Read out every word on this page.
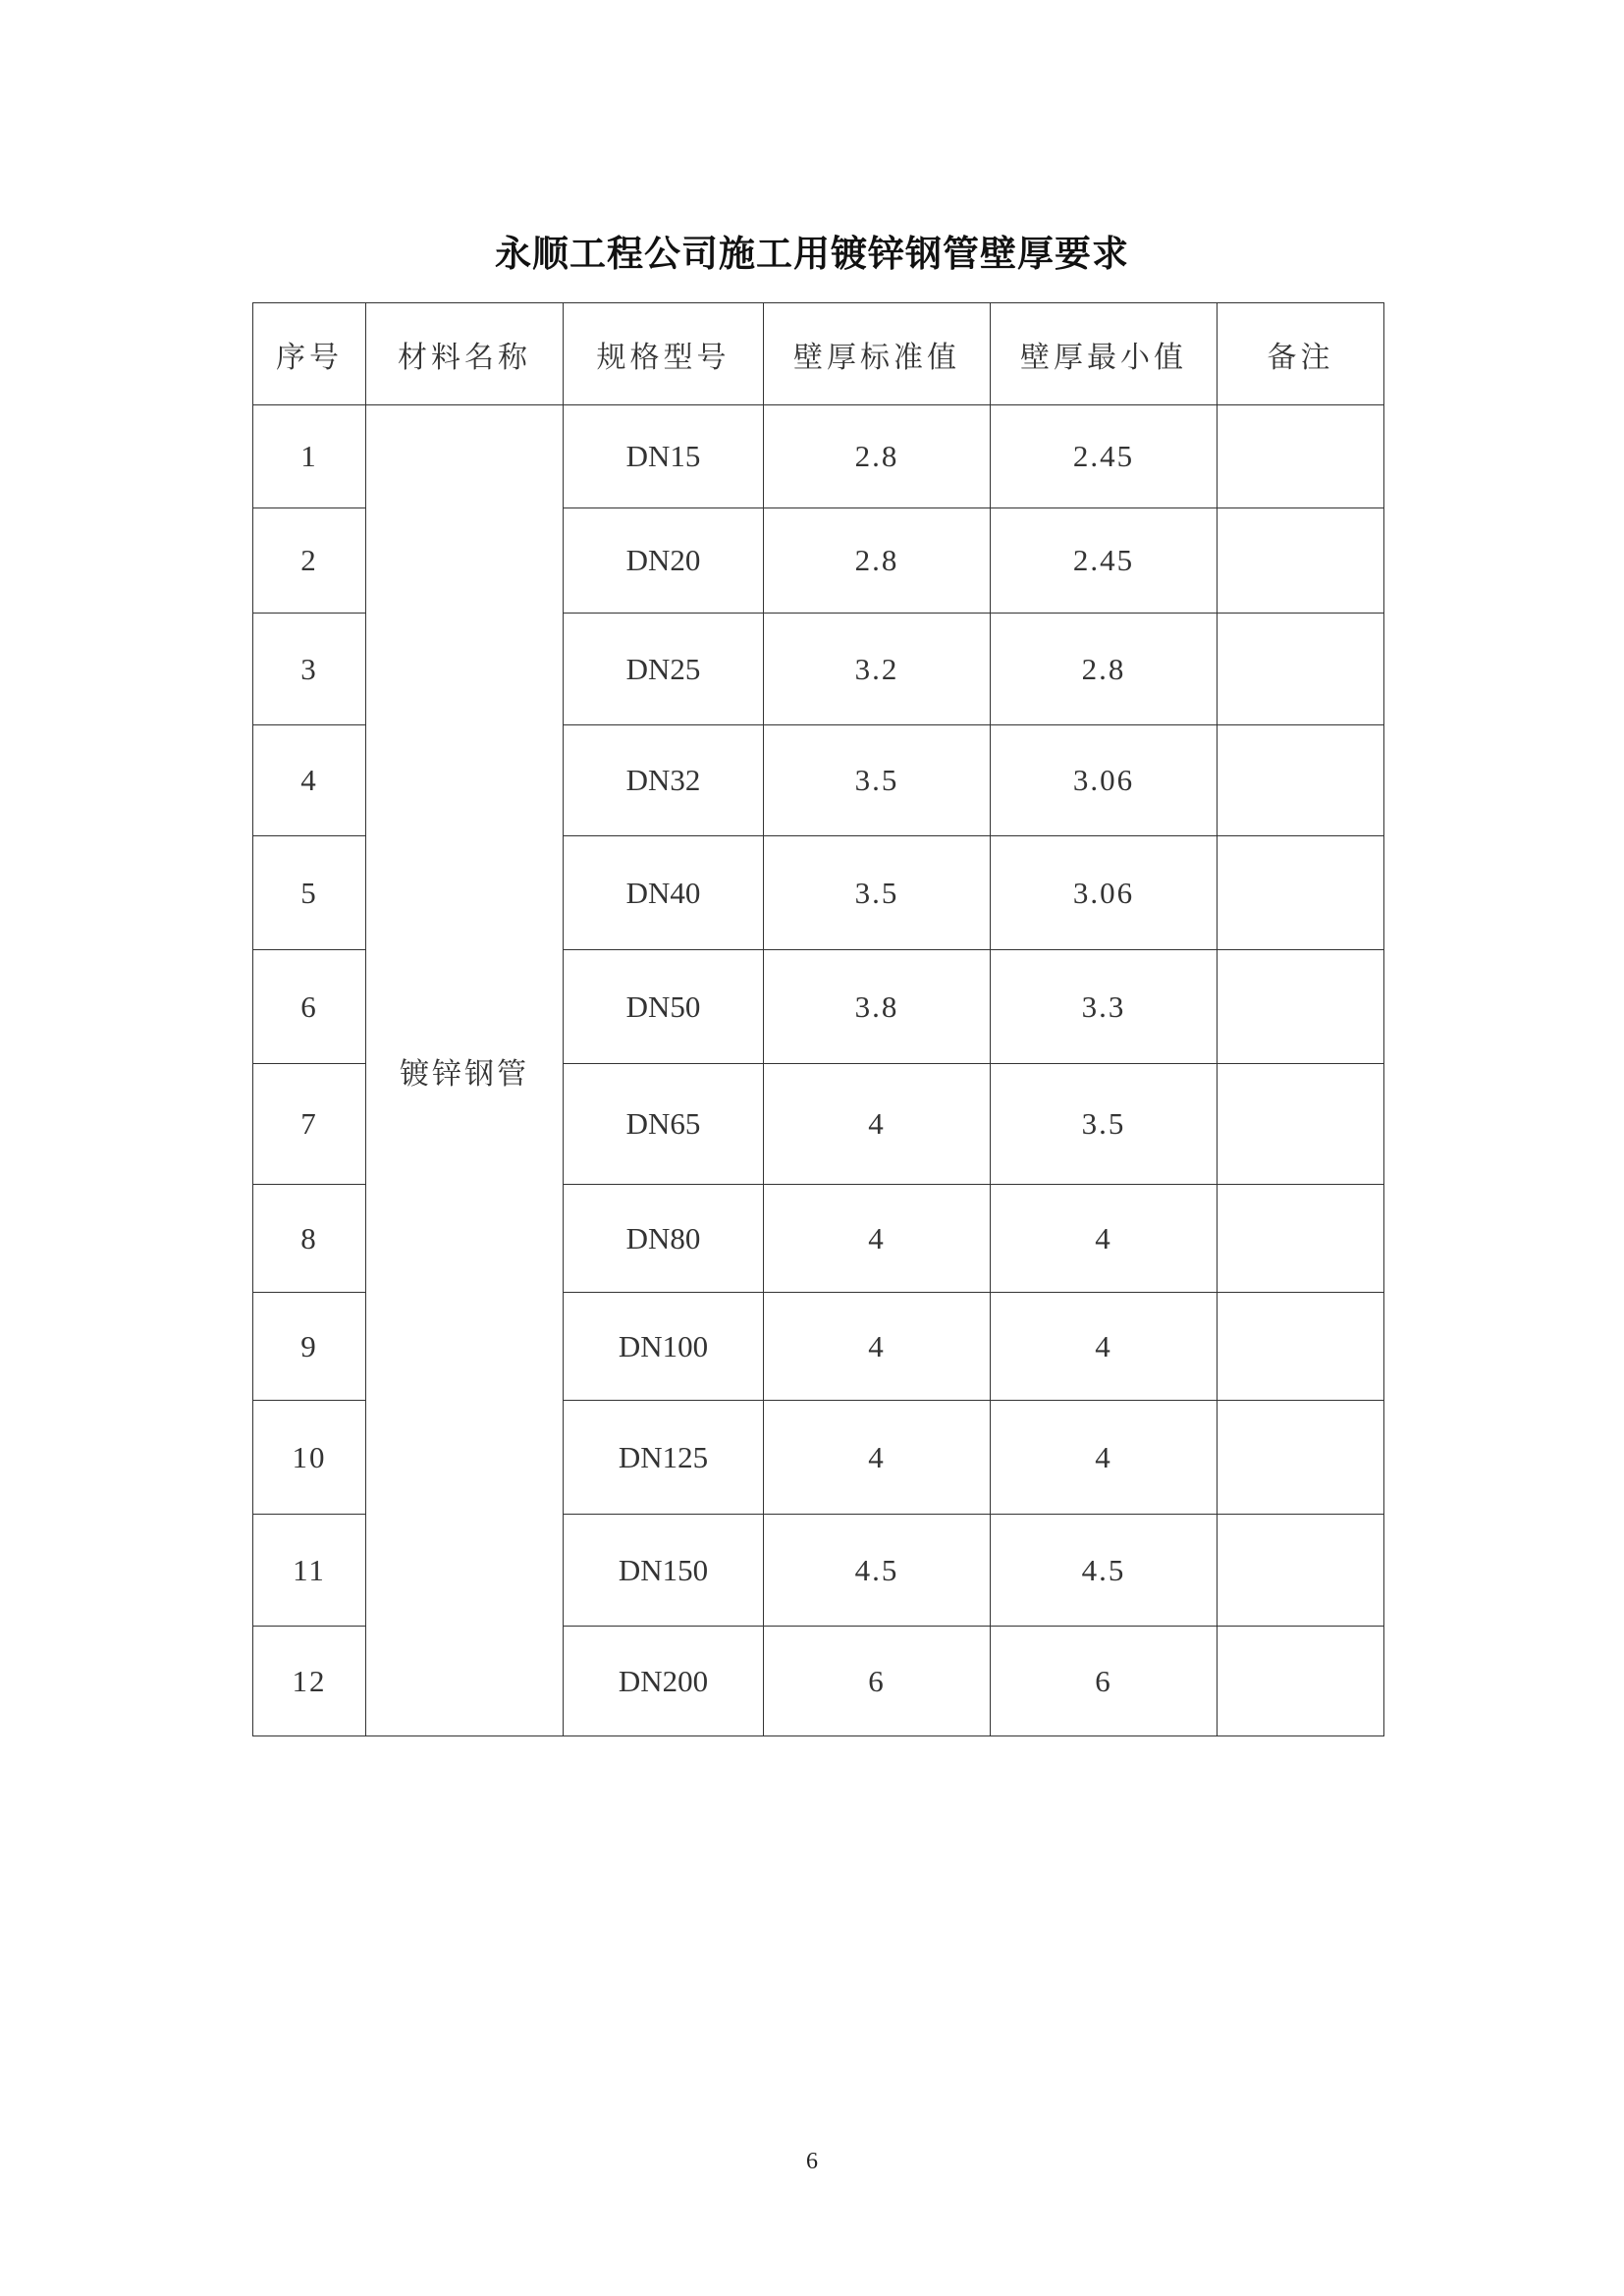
永顺工程公司施工用镀锌钢管壁厚要求
序号	材料名称	规格型号	壁厚标准值	壁厚最小值	备注
1	镀锌钢管	DN15	2.8	2.45	
2		DN20	2.8	2.45	
3		DN25	3.2	2.8	
4		DN32	3.5	3.06	
5		DN40	3.5	3.06	
6		DN50	3.8	3.3	
7		DN65	4	3.5	
8		DN80	4	4	
9		DN100	4	4	
10		DN125	4	4	
11		DN150	4.5	4.5	
12		DN200	6	6	
6
